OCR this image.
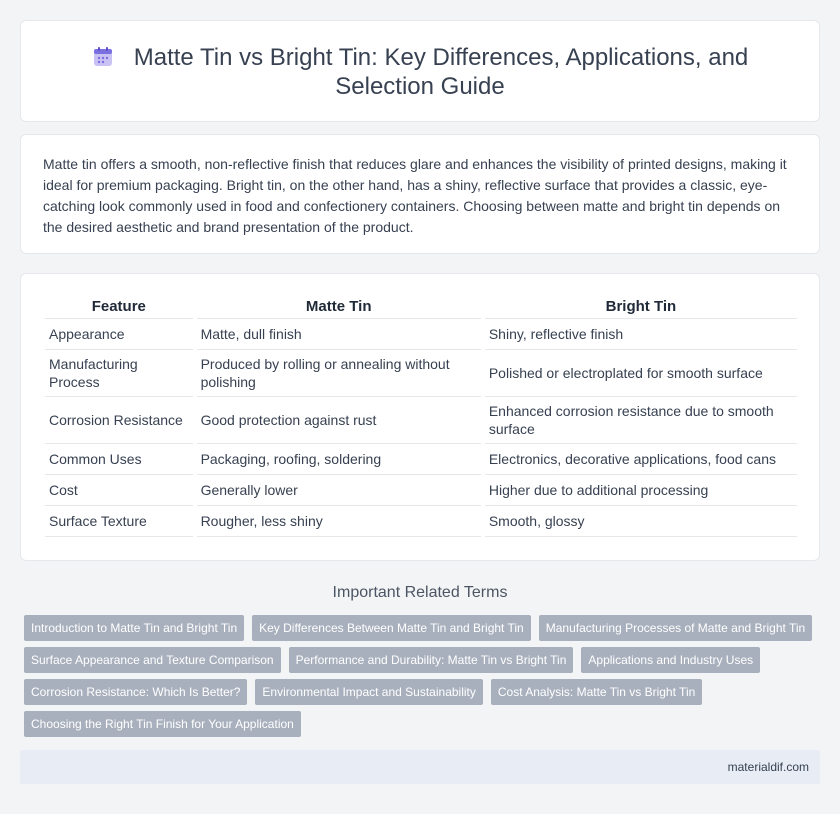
Matte Tin vs Bright Tin: Key Differences, Applications, and
Selection Guide

Matte tin offers a smooth, non-reflective finish that reduces glare and enhances the visibility of printed designs, making it ideal for premium packaging. Bright tin, on the other hand, has a shiny, reflective surface that provides a classic, eye-catching look commonly used in food and confectionery containers. Choosing between matte and bright tin depends on the desired aesthetic and brand presentation of the product.

Feature	Matte Tin	Bright Tin
Appearance	Matte, dull finish	Shiny, reflective finish
Manufacturing Process	Produced by rolling or annealing without polishing	Polished or electroplated for smooth surface
Corrosion Resistance	Good protection against rust	Enhanced corrosion resistance due to smooth surface
Common Uses	Packaging, roofing, soldering	Electronics, decorative applications, food cans
Cost	Generally lower	Higher due to additional processing
Surface Texture	Rougher, less shiny	Smooth, glossy
Important Related Terms
Introduction to Matte Tin and Bright Tin	Key Differences Between Matte Tin and Bright Tin	Manufacturing Processes of Matte and Bright Tin
Surface Appearance and Texture Comparison	Performance and Durability: Matte Tin vs Bright Tin	Applications and Industry Uses
Corrosion Resistance: Which Is Better?	Environmental Impact and Sustainability	Cost Analysis: Matte Tin vs Bright Tin
Choosing the Right Tin Finish for Your Application
materialdif.com
